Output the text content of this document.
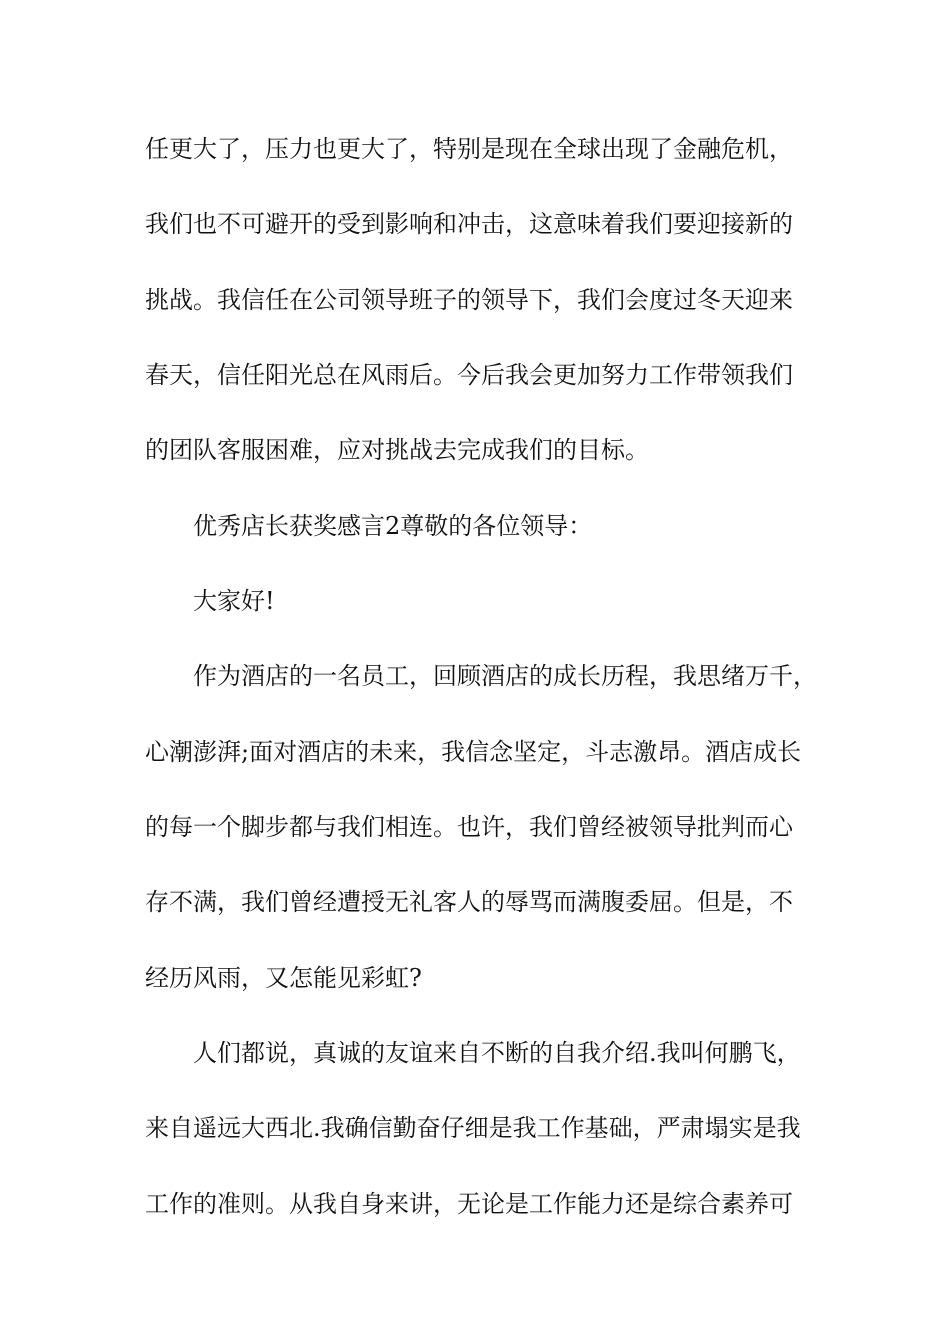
任更大了，压力也更大了，特别是现在全球出现了金融危机，
我们也不可避开的受到影响和冲击，这意味着我们要迎接新的
挑战。我信任在公司领导班子的领导下，我们会度过冬天迎来
春天，信任阳光总在风雨后。今后我会更加努力工作带领我们
的团队客服困难，应对挑战去完成我们的目标。
优秀店长获奖感言2尊敬的各位领导：
大家好!
作为酒店的一名员工，回顾酒店的成长历程，我思绪万千，
心潮澎湃;面对酒店的未来，我信念坚定，斗志激昂。酒店成长
的每一个脚步都与我们相连。也许，我们曾经被领导批判而心
存不满，我们曾经遭授无礼客人的辱骂而满腹委屈。但是，不
经历风雨，又怎能见彩虹?
人们都说，真诚的友谊来自不断的自我介绍.我叫何鹏飞，
来自遥远大西北.我确信勤奋仔细是我工作基础，严肃塌实是我
工作的准则。从我自身来讲，无论是工作能力还是综合素养可
